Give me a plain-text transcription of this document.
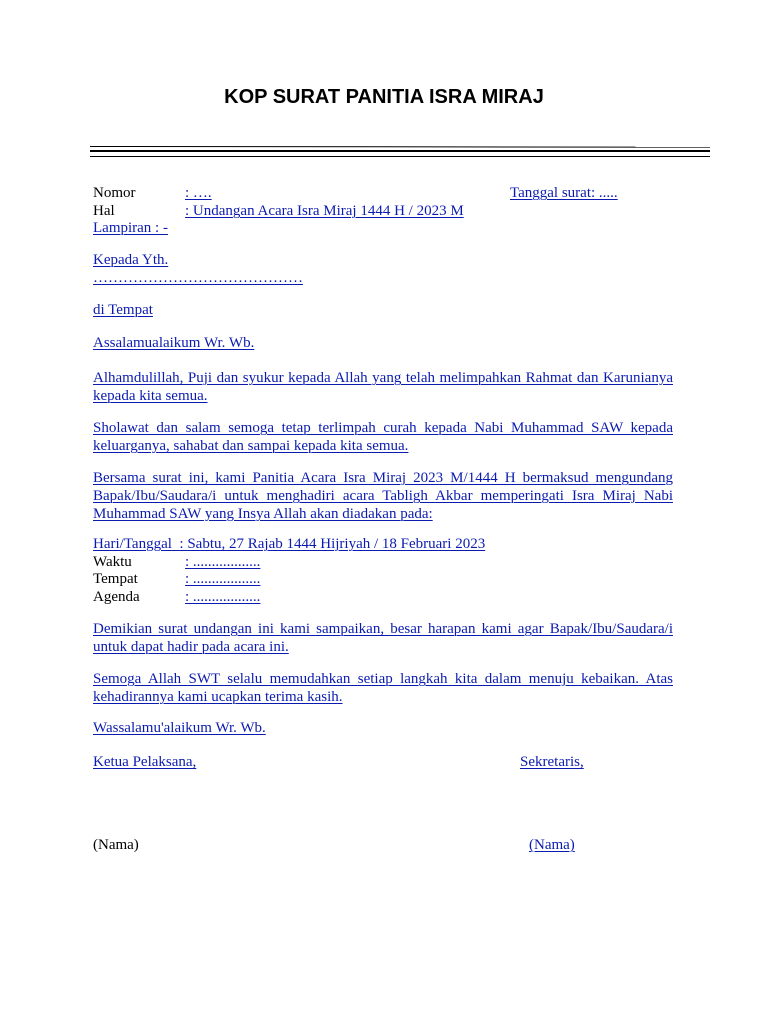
KOP SURAT PANITIA ISRA MIRAJ
Nomor	: ….	Tanggal surat: .....
Hal	: Undangan Acara Isra Miraj 1444 H / 2023 M
Lampiran : -
Kepada Yth.
……………………………………
di Tempat
Assalamualaikum Wr. Wb.
Alhamdulillah, Puji dan syukur kepada Allah yang telah melimpahkan Rahmat dan Karunianya kepada kita semua.
Sholawat dan salam semoga tetap terlimpah curah kepada Nabi Muhammad SAW kepada keluarganya, sahabat dan sampai kepada kita semua.
Bersama surat ini, kami Panitia Acara Isra Miraj 2023 M/1444 H bermaksud mengundang Bapak/Ibu/Saudara/i untuk menghadiri acara Tabligh Akbar memperingati Isra Miraj Nabi Muhammad SAW yang Insya Allah akan diadakan pada:
Hari/Tanggal : Sabtu, 27 Rajab 1444 Hijriyah / 18 Februari 2023
Waktu	: ..................
Tempat	: ..................
Agenda	: ..................
Demikian surat undangan ini kami sampaikan, besar harapan kami agar Bapak/Ibu/Saudara/i untuk dapat hadir pada acara ini.
Semoga Allah SWT selalu memudahkan setiap langkah kita dalam menuju kebaikan. Atas kehadirannya kami ucapkan terima kasih.
Wassalamu'alaikum Wr. Wb.
Ketua Pelaksana,	Sekretaris,
(Nama)	(Nama)
